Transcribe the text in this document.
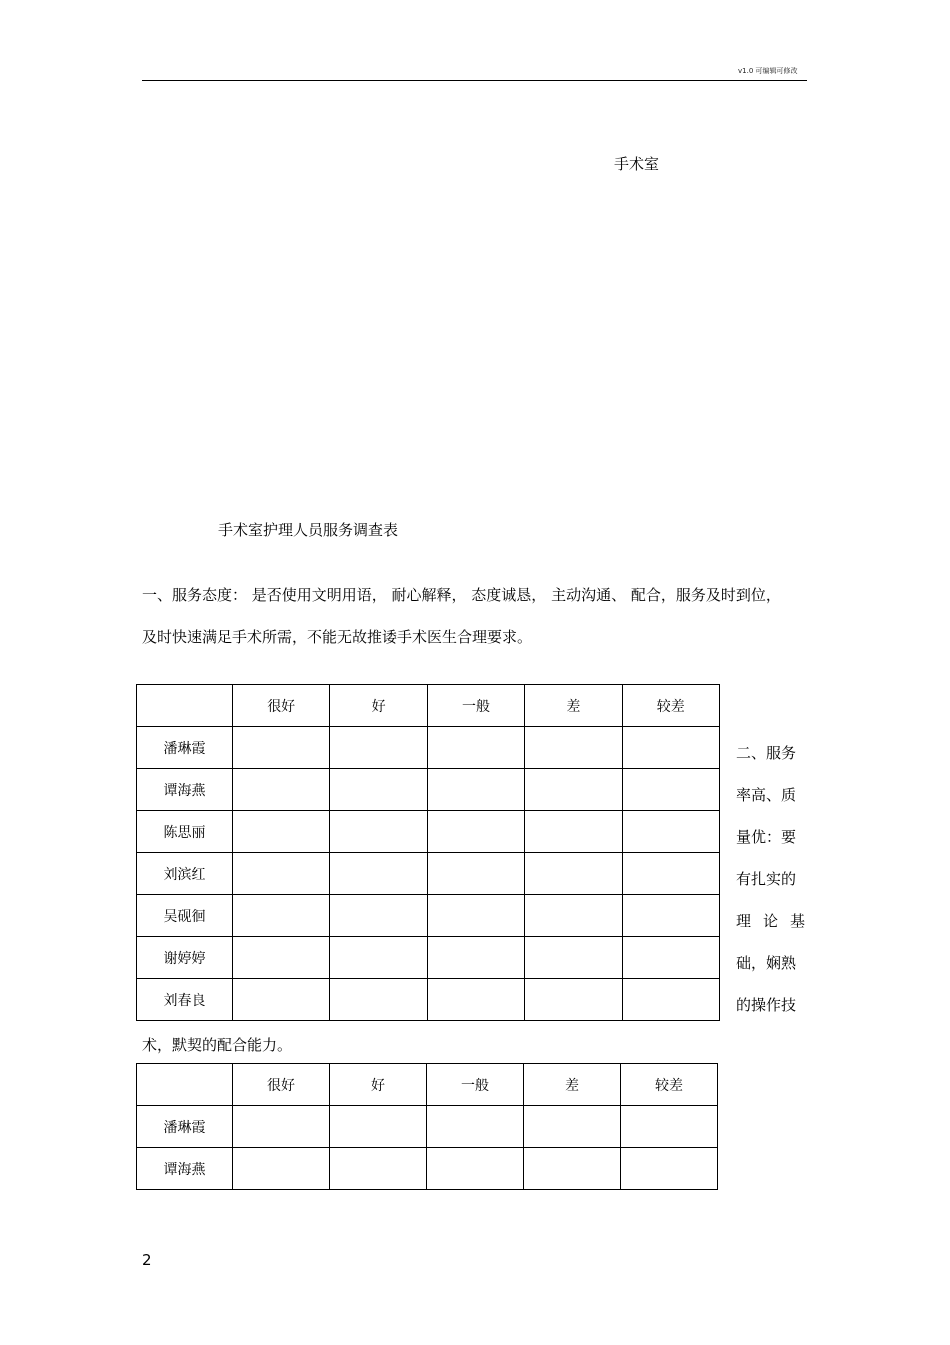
v1.0 可编辑可修改
手术室
手术室护理人员服务调查表
一、服务态度： 是否使用文明用语， 耐心解释， 态度诚恳， 主动沟通、 配合，服务及时到位，
及时快速满足手术所需，不能无故推诿手术医生合理要求。
	很好	好	一般	差	较差
潘琳霞					
谭海燕					
陈思丽					
刘滨红					
吴砚徊					
谢婷婷					
刘春良					
二、服务
率高、质
量优：要
有扎实的
理论基
础，娴熟
的操作技
术，默契的配合能力。
	很好	好	一般	差	较差
潘琳霞					
谭海燕					
2
